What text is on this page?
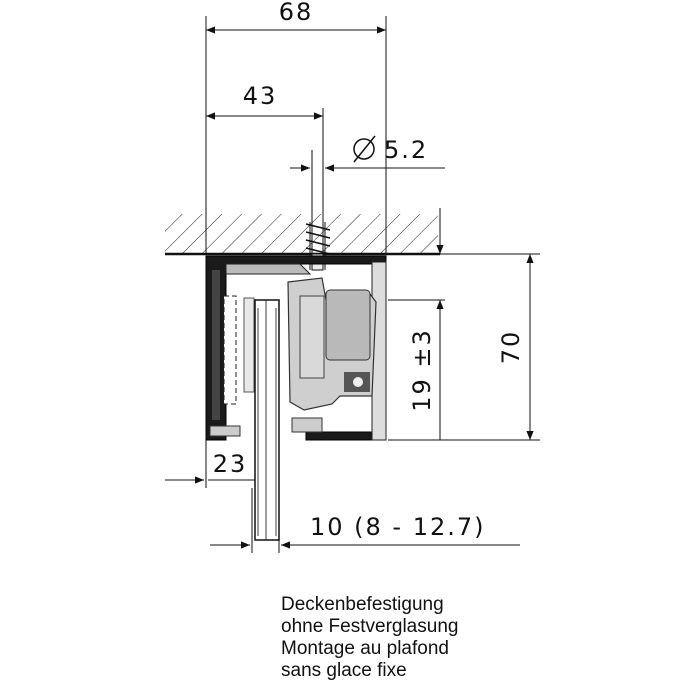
68
43
5.2
70
19 ±3
23
10 (8 - 12.7)
Deckenbefestigung
ohne Festverglasung
Montage au plafond
sans glace fixe
